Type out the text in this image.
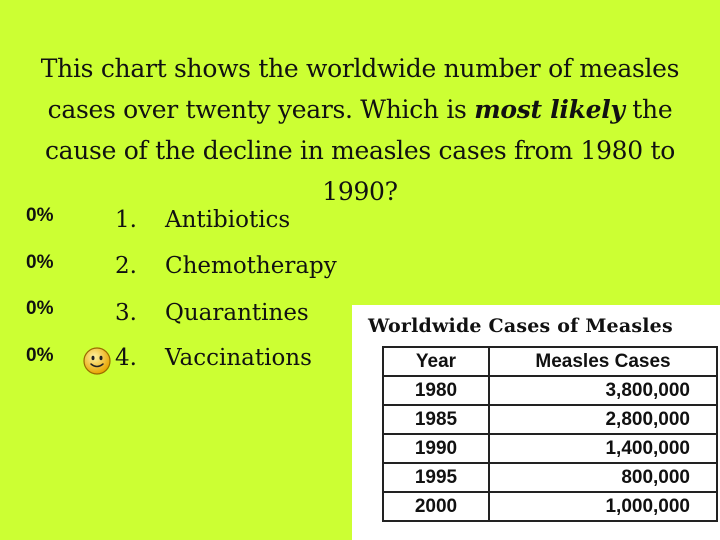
This chart shows the worldwide number of measles cases over twenty years. Which is most likely the cause of the decline in measles cases from 1980 to 1990?
0%
0%
0%
0%
1. Antibiotics
2. Chemotherapy
3. Quarantines
4. Vaccinations
Worldwide Cases of Measles
Year	Measles Cases
1980	3,800,000
1985	2,800,000
1990	1,400,000
1995	800,000
2000	1,000,000
